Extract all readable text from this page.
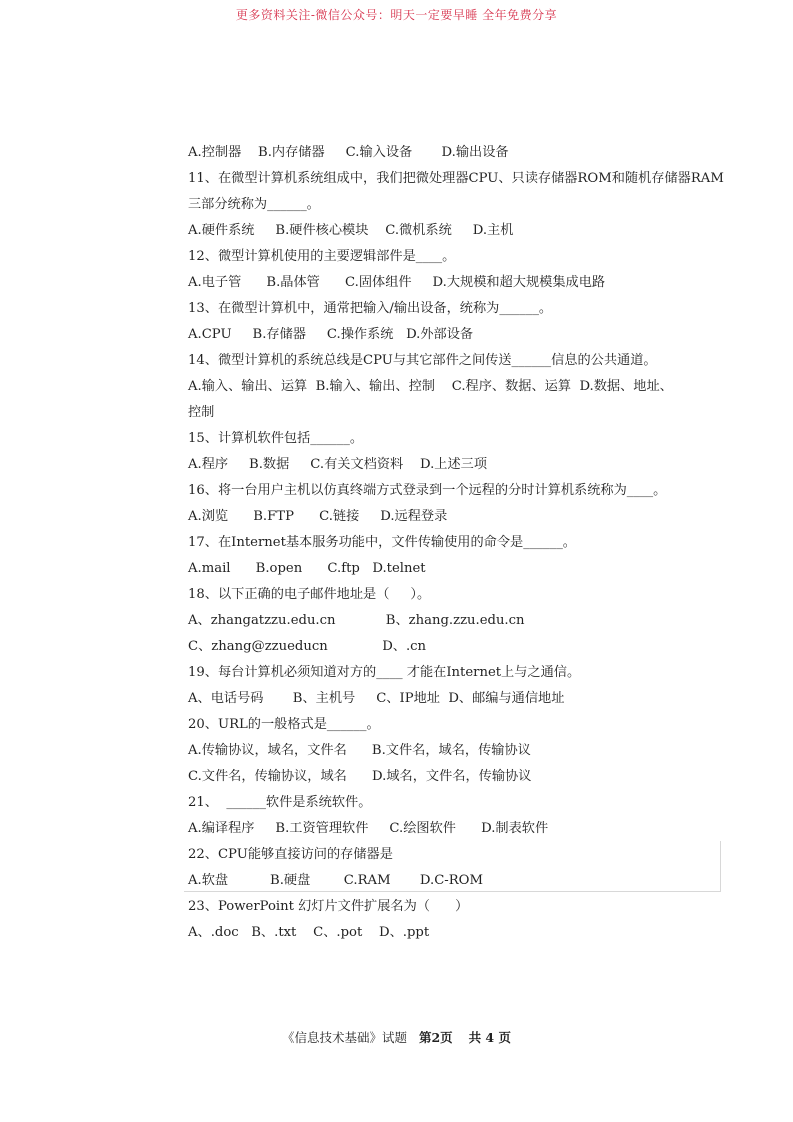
更多资料关注-微信公众号：明天一定要早睡 全年免费分享
A.控制器    B.内存储器     C.输入设备       D.输出设备
11、在微型计算机系统组成中，我们把微处理器CPU、只读存储器ROM和随机存储器RAM
三部分统称为______。
A.硬件系统     B.硬件核心模块    C.微机系统     D.主机
12、微型计算机使用的主要逻辑部件是____。
A.电子管      B.晶体管      C.固体组件     D.大规模和超大规模集成电路
13、在微型计算机中，通常把输入/输出设备，统称为______。
A.CPU     B.存储器     C.操作系统   D.外部设备
14、微型计算机的系统总线是CPU与其它部件之间传送______信息的公共通道。
A.输入、输出、运算  B.输入、输出、控制    C.程序、数据、运算  D.数据、地址、
控制
15、计算机软件包括______。
A.程序     B.数据     C.有关文档资料    D.上述三项
16、将一台用户主机以仿真终端方式登录到一个远程的分时计算机系统称为____。
A.浏览      B.FTP      C.链接     D.远程登录
17、在Internet基本服务功能中，文件传输使用的命令是______。
A.mail      B.open      C.ftp   D.telnet
18、以下正确的电子邮件地址是（     ）。
A、zhangatzzu.edu.cn            B、zhang.zzu.edu.cn
C、zhang@zzueducn             D、.cn
19、每台计算机必须知道对方的____ 才能在Internet上与之通信。
A、电话号码       B、主机号     C、IP地址  D、邮编与通信地址
20、URL的一般格式是______。
A.传输协议，域名，文件名      B.文件名，域名，传输协议
C.文件名，传输协议，域名      D.域名，文件名，传输协议
21、  ______软件是系统软件。
A.编译程序     B.工资管理软件     C.绘图软件      D.制表软件
22、CPU能够直接访问的存储器是
A.软盘          B.硬盘        C.RAM       D.C-ROM
23、PowerPoint 幻灯片文件扩展名为（      ）
A、.doc   B、.txt    C、.pot    D、.ppt
《信息技术基础》试题 第2页 共 4 页
